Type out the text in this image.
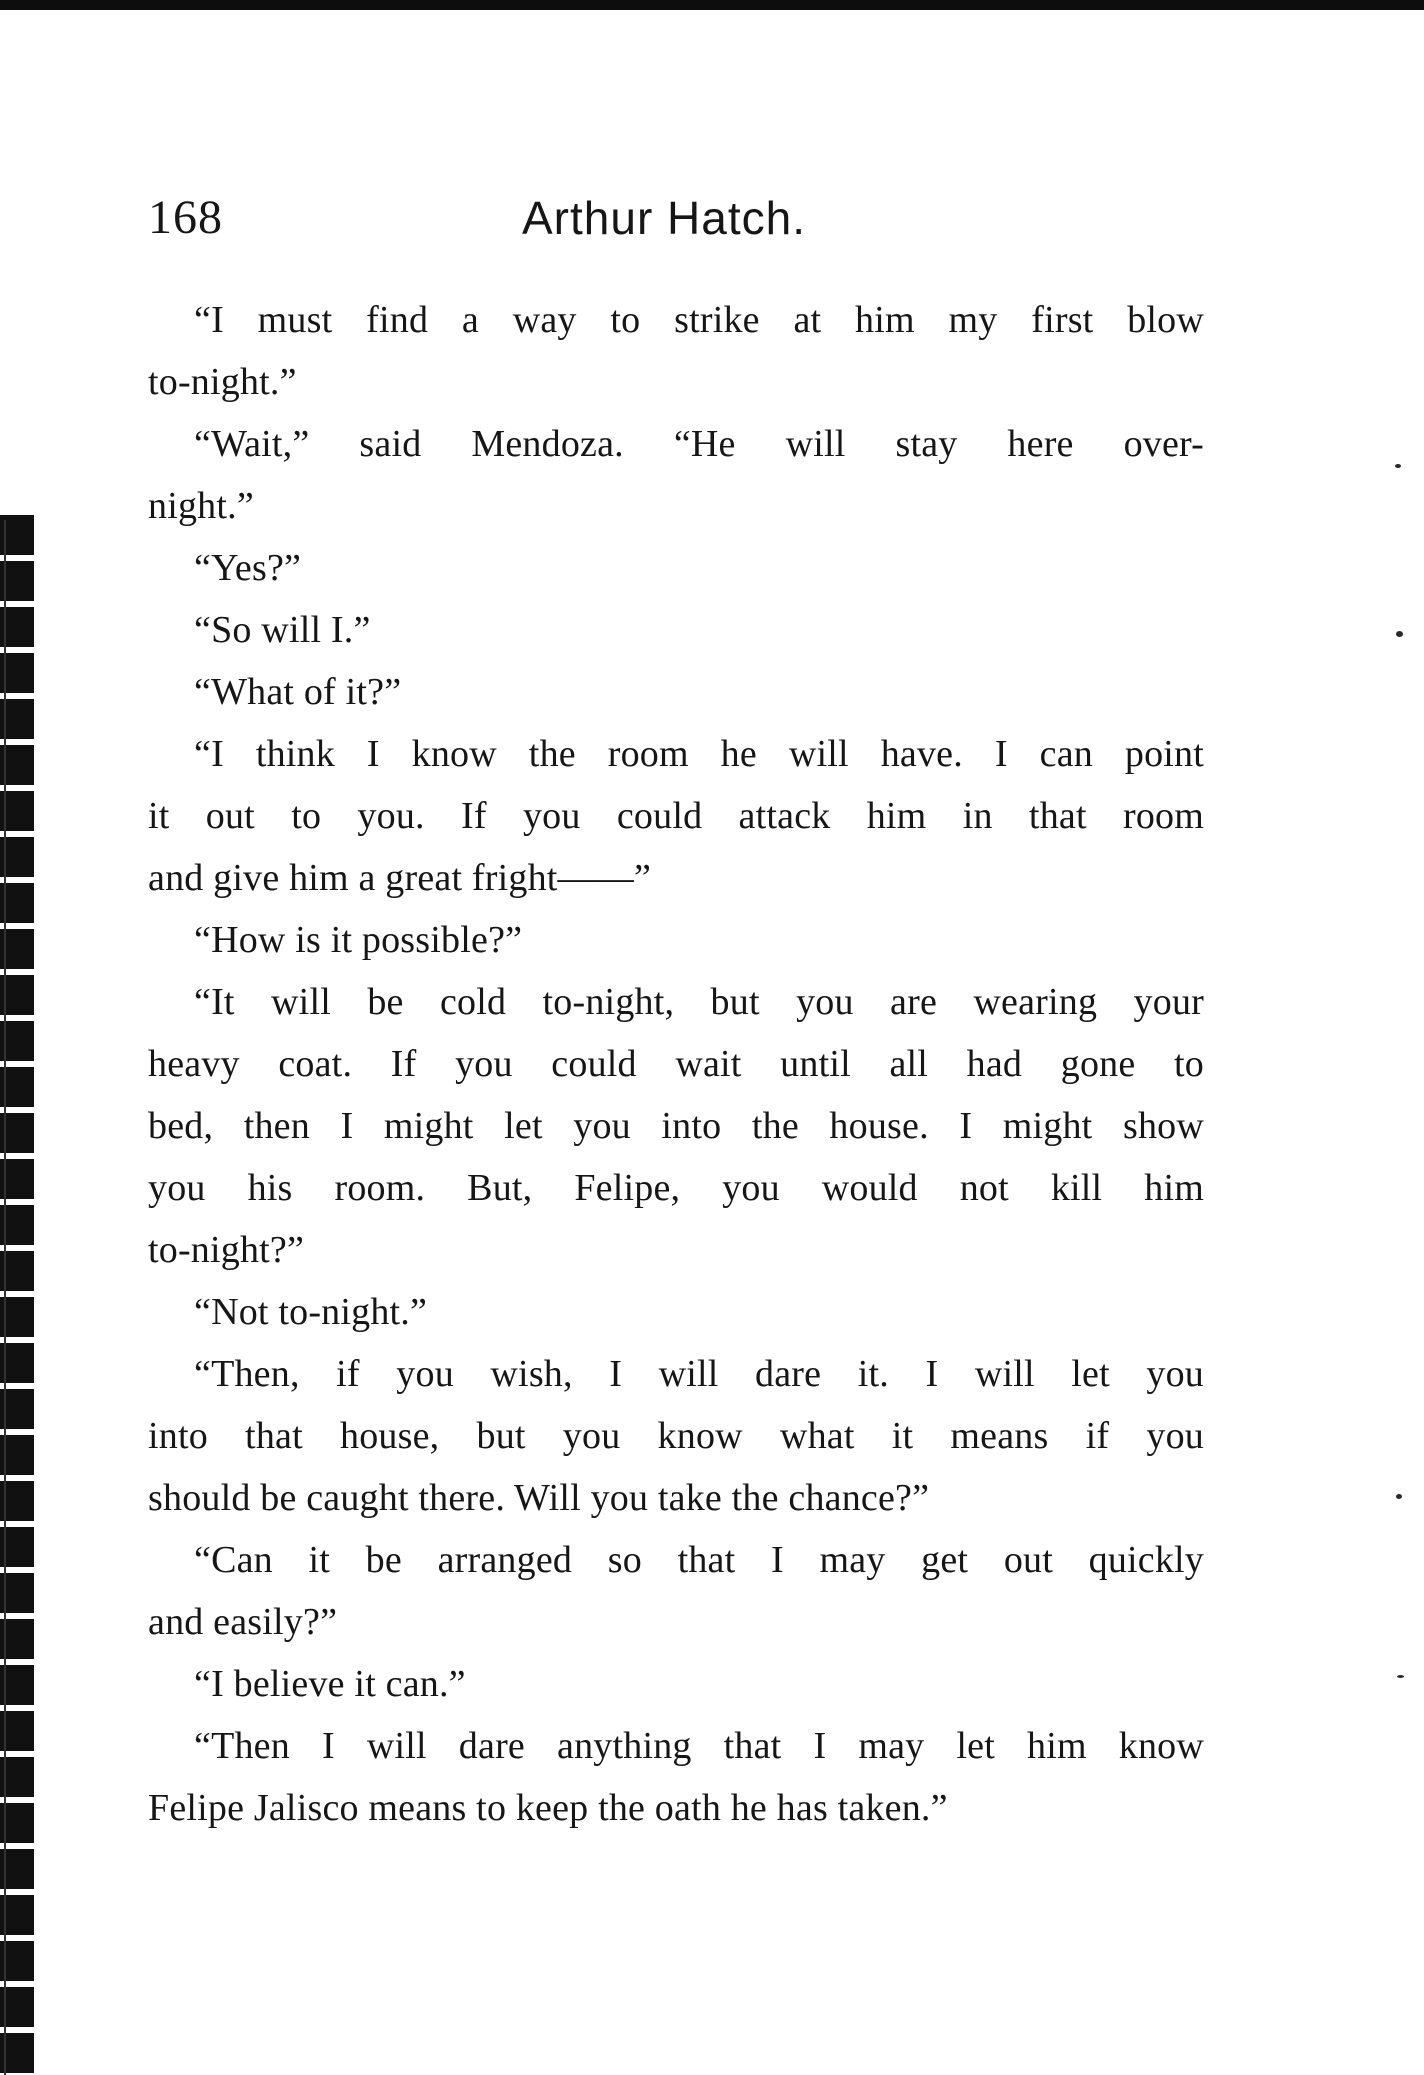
168	Arthur Hatch.
“I must find a way to strike at him my first blow
to-night.”
“Wait,” said Mendoza. “He will stay here over-
night.”
“Yes?”
“So will I.”
“What of it?”
“I think I know the room he will have. I can point
it out to you. If you could attack him in that room
and give him a great fright——”
“How is it possible?”
“It will be cold to-night, but you are wearing your
heavy coat. If you could wait until all had gone to
bed, then I might let you into the house. I might show
you his room. But, Felipe, you would not kill him
to-night?”
“Not to-night.”
“Then, if you wish, I will dare it. I will let you
into that house, but you know what it means if you
should be caught there. Will you take the chance?”
“Can it be arranged so that I may get out quickly
and easily?”
“I believe it can.”
“Then I will dare anything that I may let him know
Felipe Jalisco means to keep the oath he has taken.”
